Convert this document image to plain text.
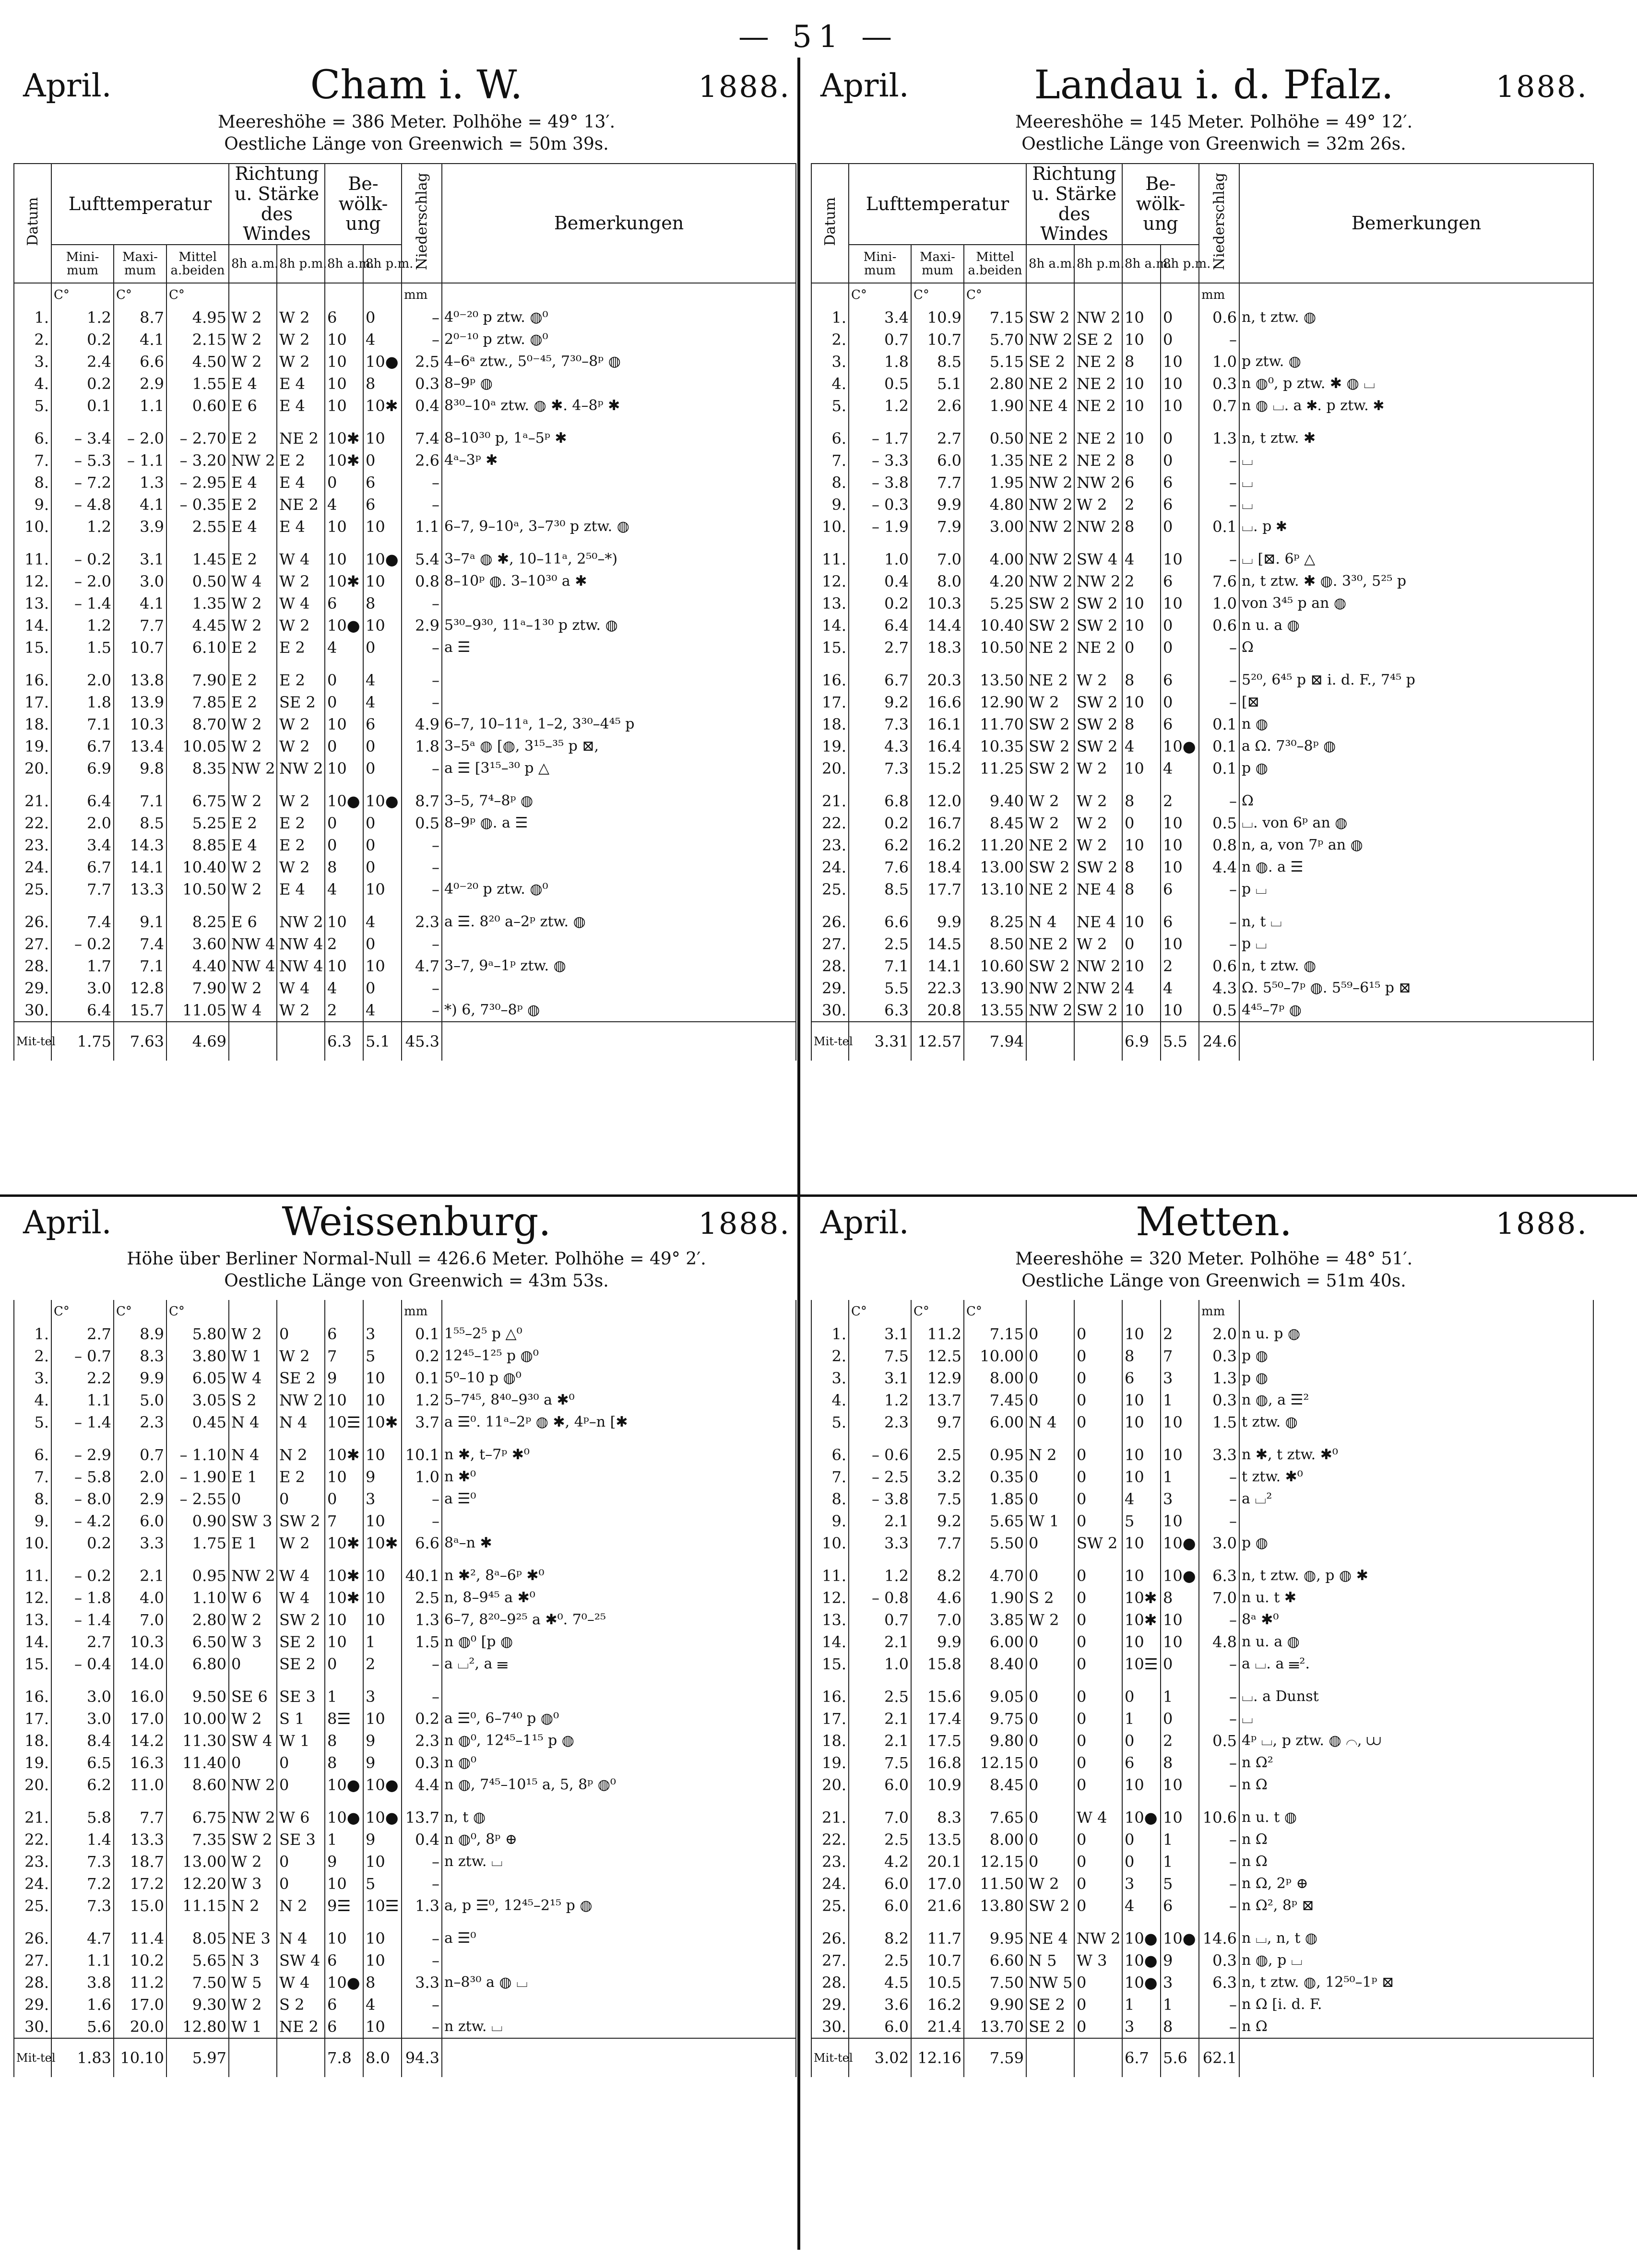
— 51 —
April.	Cham i. W.	1888.
Meereshöhe = 386 Meter. Polhöhe = 49° 13′.
Oestliche Länge von Greenwich = 50m 39s.
Datum	Lufttemperatur			Richtung u. Stärke des Windes		Be-wölk-ung		Niederschlag	Bemerkungen
	Mini-mum	Maxi-mum	Mittel a.beiden	8h a.m.	8h p.m.	8h a.m.	8h p.m.		
	C°	C°	C°					mm	
1.	1.2	8.7	4.95	W 2	W 2	6	0	–	4⁰⁻²⁰ p ztw. ◍⁰
2.	0.2	4.1	2.15	W 2	W 2	10	4	–	2⁰⁻¹⁰ p ztw. ◍⁰
3.	2.4	6.6	4.50	W 2	W 2	10	10●	2.5	4–6ᵃ ztw., 5⁰⁻⁴⁵, 7³⁰–8ᵖ ◍
4.	0.2	2.9	1.55	E 4	E 4	10	8	0.3	8–9ᵖ ◍
5.	0.1	1.1	0.60	E 6	E 4	10	10✱	0.4	8³⁰–10ᵃ ztw. ◍ ✱. 4–8ᵖ ✱

6.	– 3.4	– 2.0	– 2.70	E 2	NE 2	10✱	10	7.4	8–10³⁰ p, 1ᵃ–5ᵖ ✱
7.	– 5.3	– 1.1	– 3.20	NW 2	E 2	10✱	0	2.6	4ᵃ–3ᵖ ✱
8.	– 7.2	1.3	– 2.95	E 4	E 4	0	6	–	
9.	– 4.8	4.1	– 0.35	E 2	NE 2	4	6	–	
10.	1.2	3.9	2.55	E 4	E 4	10	10	1.1	6–7, 9–10ᵃ, 3–7³⁰ p ztw. ◍

11.	– 0.2	3.1	1.45	E 2	W 4	10	10●	5.4	3–7ᵃ ◍ ✱, 10–11ᵃ, 2⁵⁰–*)
12.	– 2.0	3.0	0.50	W 4	W 2	10✱	10	0.8	8–10ᵖ ◍. 3–10³⁰ a ✱
13.	– 1.4	4.1	1.35	W 2	W 4	6	8	–	
14.	1.2	7.7	4.45	W 2	W 2	10●	10	2.9	5³⁰–9³⁰, 11ᵃ–1³⁰ p ztw. ◍
15.	1.5	10.7	6.10	E 2	E 2	4	0	–	a ☰

16.	2.0	13.8	7.90	E 2	E 2	0	4	–	
17.	1.8	13.9	7.85	E 2	SE 2	0	4	–	
18.	7.1	10.3	8.70	W 2	W 2	10	6	4.9	6–7, 10–11ᵃ, 1–2, 3³⁰–4⁴⁵ p
19.	6.7	13.4	10.05	W 2	W 2	0	0	1.8	3–5ᵃ ◍ [◍, 3¹⁵–³⁵ p ⊠,
20.	6.9	9.8	8.35	NW 2	NW 2	10	0	–	a ☰ [3¹⁵–³⁰ p △

21.	6.4	7.1	6.75	W 2	W 2	10●	10●	8.7	3–5, 7⁴–8ᵖ ◍
22.	2.0	8.5	5.25	E 2	E 2	0	0	0.5	8–9ᵖ ◍. a ☰
23.	3.4	14.3	8.85	E 4	E 2	0	0	–	
24.	6.7	14.1	10.40	W 2	W 2	8	0	–	
25.	7.7	13.3	10.50	W 2	E 4	4	10	–	4⁰⁻²⁰ p ztw. ◍⁰

26.	7.4	9.1	8.25	E 6	NW 2	10	4	2.3	a ☰. 8²⁰ a–2ᵖ ztw. ◍
27.	– 0.2	7.4	3.60	NW 4	NW 4	2	0	–	
28.	1.7	7.1	4.40	NW 4	NW 4	10	10	4.7	3–7, 9ᵃ–1ᵖ ztw. ◍
29.	3.0	12.8	7.90	W 2	W 4	4	0	–	
30.	6.4	15.7	11.05	W 4	W 2	2	4	–	*) 6, 7³⁰–8ᵖ ◍
Mit-tel	1.75	7.63	4.69			6.3	5.1	45.3	
April.	Landau i. d. Pfalz.	1888.
Meereshöhe = 145 Meter. Polhöhe = 49° 12′.
Oestliche Länge von Greenwich = 32m 26s.
Datum	Lufttemperatur			Richtung u. Stärke des Windes		Be-wölk-ung		Niederschlag	Bemerkungen
	Mini-mum	Maxi-mum	Mittel a.beiden	8h a.m.	8h p.m.	8h a.m.	8h p.m.		
	C°	C°	C°					mm	
1.	3.4	10.9	7.15	SW 2	NW 2	10	0	0.6	n, t ztw. ◍
2.	0.7	10.7	5.70	NW 2	SE 2	10	0	–	
3.	1.8	8.5	5.15	SE 2	NE 2	8	10	1.0	p ztw. ◍
4.	0.5	5.1	2.80	NE 2	NE 2	10	10	0.3	n ◍⁰, p ztw. ✱ ◍ ⌴
5.	1.2	2.6	1.90	NE 4	NE 2	10	10	0.7	n ◍ ⌴. a ✱. p ztw. ✱

6.	– 1.7	2.7	0.50	NE 2	NE 2	10	0	1.3	n, t ztw. ✱
7.	– 3.3	6.0	1.35	NE 2	NE 2	8	0	–	⌴
8.	– 3.8	7.7	1.95	NW 2	NW 2	6	6	–	⌴
9.	– 0.3	9.9	4.80	NW 2	W 2	2	6	–	⌴
10.	– 1.9	7.9	3.00	NW 2	NW 2	8	0	0.1	⌴. p ✱

11.	1.0	7.0	4.00	NW 2	SW 4	4	10	–	⌴ [⊠. 6ᵖ △
12.	0.4	8.0	4.20	NW 2	NW 2	2	6	7.6	n, t ztw. ✱ ◍. 3³⁰, 5²⁵ p
13.	0.2	10.3	5.25	SW 2	SW 2	10	10	1.0	von 3⁴⁵ p an ◍
14.	6.4	14.4	10.40	SW 2	SW 2	10	0	0.6	n u. a ◍
15.	2.7	18.3	10.50	NE 2	NE 2	0	0	–	Ω

16.	6.7	20.3	13.50	NE 2	W 2	8	6	–	5²⁰, 6⁴⁵ p ⊠ i. d. F., 7⁴⁵ p
17.	9.2	16.6	12.90	W 2	SW 2	10	0	–	[⊠
18.	7.3	16.1	11.70	SW 2	SW 2	8	6	0.1	n ◍
19.	4.3	16.4	10.35	SW 2	SW 2	4	10●	0.1	a Ω. 7³⁰–8ᵖ ◍
20.	7.3	15.2	11.25	SW 2	W 2	10	4	0.1	p ◍

21.	6.8	12.0	9.40	W 2	W 2	8	2	–	Ω
22.	0.2	16.7	8.45	W 2	W 2	0	10	0.5	⌴. von 6ᵖ an ◍
23.	6.2	16.2	11.20	NE 2	W 2	10	10	0.8	n, a, von 7ᵖ an ◍
24.	7.6	18.4	13.00	SW 2	SW 2	8	10	4.4	n ◍. a ☰
25.	8.5	17.7	13.10	NE 2	NE 4	8	6	–	p ⌴

26.	6.6	9.9	8.25	N 4	NE 4	10	6	–	n, t ⌴
27.	2.5	14.5	8.50	NE 2	W 2	0	10	–	p ⌴
28.	7.1	14.1	10.60	SW 2	NW 2	10	2	0.6	n, t ztw. ◍
29.	5.5	22.3	13.90	NW 2	NW 2	4	4	4.3	Ω. 5⁵⁰–7ᵖ ◍. 5⁵⁹–6¹⁵ p ⊠
30.	6.3	20.8	13.55	NW 2	SW 2	10	10	0.5	4⁴⁵–7ᵖ ◍
Mit-tel	3.31	12.57	7.94			6.9	5.5	24.6	
April.	Weissenburg.	1888.
Höhe über Berliner Normal-Null = 426.6 Meter. Polhöhe = 49° 2′.
Oestliche Länge von Greenwich = 43m 53s.
	C°	C°	C°					mm	
1.	2.7	8.9	5.80	W 2	0	6	3	0.1	1⁵⁵–2⁵ p △⁰
2.	– 0.7	8.3	3.80	W 1	W 2	7	5	0.2	12⁴⁵–1²⁵ p ◍⁰
3.	2.2	9.9	6.05	W 4	SE 2	9	10	0.1	5⁰–10 p ◍⁰
4.	1.1	5.0	3.05	S 2	NW 2	10	10	1.2	5–7⁴⁵, 8⁴⁰–9³⁰ a ✱⁰
5.	– 1.4	2.3	0.45	N 4	N 4	10☰	10✱	3.7	a ☰⁰. 11ᵃ–2ᵖ ◍ ✱, 4ᵖ–n [✱

6.	– 2.9	0.7	– 1.10	N 4	N 2	10✱	10	10.1	n ✱, t–7ᵖ ✱⁰
7.	– 5.8	2.0	– 1.90	E 1	E 2	10	9	1.0	n ✱⁰
8.	– 8.0	2.9	– 2.55	0	0	0	3	–	a ☰⁰
9.	– 4.2	6.0	0.90	SW 3	SW 2	7	10	–	
10.	0.2	3.3	1.75	E 1	W 2	10✱	10✱	6.6	8ᵃ–n ✱

11.	– 0.2	2.1	0.95	NW 2	W 4	10✱	10	40.1	n ✱², 8ᵃ–6ᵖ ✱⁰
12.	– 1.8	4.0	1.10	W 6	W 4	10✱	10	2.5	n, 8–9⁴⁵ a ✱⁰
13.	– 1.4	7.0	2.80	W 2	SW 2	10	10	1.3	6–7, 8²⁰–9²⁵ a ✱⁰. 7⁰–²⁵
14.	2.7	10.3	6.50	W 3	SE 2	10	1	1.5	n ◍⁰ [p ◍
15.	– 0.4	14.0	6.80	0	SE 2	0	2	–	a ⌴², a ☰

16.	3.0	16.0	9.50	SE 6	SE 3	1	3	–	
17.	3.0	17.0	10.00	W 2	S 1	8☰	10	0.2	a ☰⁰, 6–7⁴⁰ p ◍⁰
18.	8.4	14.2	11.30	SW 4	W 1	8	9	2.3	n ◍⁰, 12⁴⁵–1¹⁵ p ◍
19.	6.5	16.3	11.40	0	0	8	9	0.3	n ◍⁰
20.	6.2	11.0	8.60	NW 2	0	10●	10●	4.4	n ◍, 7⁴⁵–10¹⁵ a, 5, 8ᵖ ◍⁰

21.	5.8	7.7	6.75	NW 2	W 6	10●	10●	13.7	n, t ◍
22.	1.4	13.3	7.35	SW 2	SE 3	1	9	0.4	n ◍⁰, 8ᵖ ⊕
23.	7.3	18.7	13.00	W 2	0	9	10	–	n ztw. ⌴
24.	7.2	17.2	12.20	W 3	0	10	5	–	
25.	7.3	15.0	11.15	N 2	N 2	9☰	10☰	1.3	a, p ☰⁰, 12⁴⁵–2¹⁵ p ◍

26.	4.7	11.4	8.05	NE 3	N 4	10	10	–	a ☰⁰
27.	1.1	10.2	5.65	N 3	SW 4	6	10	–	
28.	3.8	11.2	7.50	W 5	W 4	10●	8	3.3	n–8³⁰ a ◍ ⌴
29.	1.6	17.0	9.30	W 2	S 2	6	4	–	
30.	5.6	20.0	12.80	W 1	NE 2	6	10	–	n ztw. ⌴
Mit-tel	1.83	10.10	5.97			7.8	8.0	94.3	
April.	Metten.	1888.
Meereshöhe = 320 Meter. Polhöhe = 48° 51′.
Oestliche Länge von Greenwich = 51m 40s.
	C°	C°	C°					mm	
1.	3.1	11.2	7.15	0	0	10	2	2.0	n u. p ◍
2.	7.5	12.5	10.00	0	0	8	7	0.3	p ◍
3.	3.1	12.9	8.00	0	0	6	3	1.3	p ◍
4.	1.2	13.7	7.45	0	0	10	1	0.3	n ◍, a ☰²
5.	2.3	9.7	6.00	N 4	0	10	10	1.5	t ztw. ◍

6.	– 0.6	2.5	0.95	N 2	0	10	10	3.3	n ✱, t ztw. ✱⁰
7.	– 2.5	3.2	0.35	0	0	10	1	–	t ztw. ✱⁰
8.	– 3.8	7.5	1.85	0	0	4	3	–	a ⌴²
9.	2.1	9.2	5.65	W 1	0	5	10	–	
10.	3.3	7.7	5.50	0	SW 2	10	10●	3.0	p ◍

11.	1.2	8.2	4.70	0	0	10	10●	6.3	n, t ztw. ◍, p ◍ ✱
12.	– 0.8	4.6	1.90	S 2	0	10✱	8	7.0	n u. t ✱
13.	0.7	7.0	3.85	W 2	0	10✱	10	–	8ᵃ ✱⁰
14.	2.1	9.9	6.00	0	0	10	10	4.8	n u. a ◍
15.	1.0	15.8	8.40	0	0	10☰	0	–	a ⌴. a ☰².

16.	2.5	15.6	9.05	0	0	0	1	–	⌴. a Dunst
17.	2.1	17.4	9.75	0	0	1	0	–	⌴
18.	2.1	17.5	9.80	0	0	0	2	0.5	4ᵖ ⌴, p ztw. ◍ ⌒, ⩊
19.	7.5	16.8	12.15	0	0	6	8	–	n Ω²
20.	6.0	10.9	8.45	0	0	10	10	–	n Ω

21.	7.0	8.3	7.65	0	W 4	10●	10	10.6	n u. t ◍
22.	2.5	13.5	8.00	0	0	0	1	–	n Ω
23.	4.2	20.1	12.15	0	0	0	1	–	n Ω
24.	6.0	17.0	11.50	W 2	0	3	5	–	n Ω, 2ᵖ ⊕
25.	6.0	21.6	13.80	SW 2	0	4	6	–	n Ω², 8ᵖ ⊠

26.	8.2	11.7	9.95	NE 4	NW 2	10●	10●	14.6	n ⌴, n, t ◍
27.	2.5	10.7	6.60	N 5	W 3	10●	9	0.3	n ◍, p ⌴
28.	4.5	10.5	7.50	NW 5	0	10●	3	6.3	n, t ztw. ◍, 12⁵⁰–1ᵖ ⊠
29.	3.6	16.2	9.90	SE 2	0	1	1	–	n Ω [i. d. F.
30.	6.0	21.4	13.70	SE 2	0	3	8	–	n Ω
Mit-tel	3.02	12.16	7.59			6.7	5.6	62.1	
